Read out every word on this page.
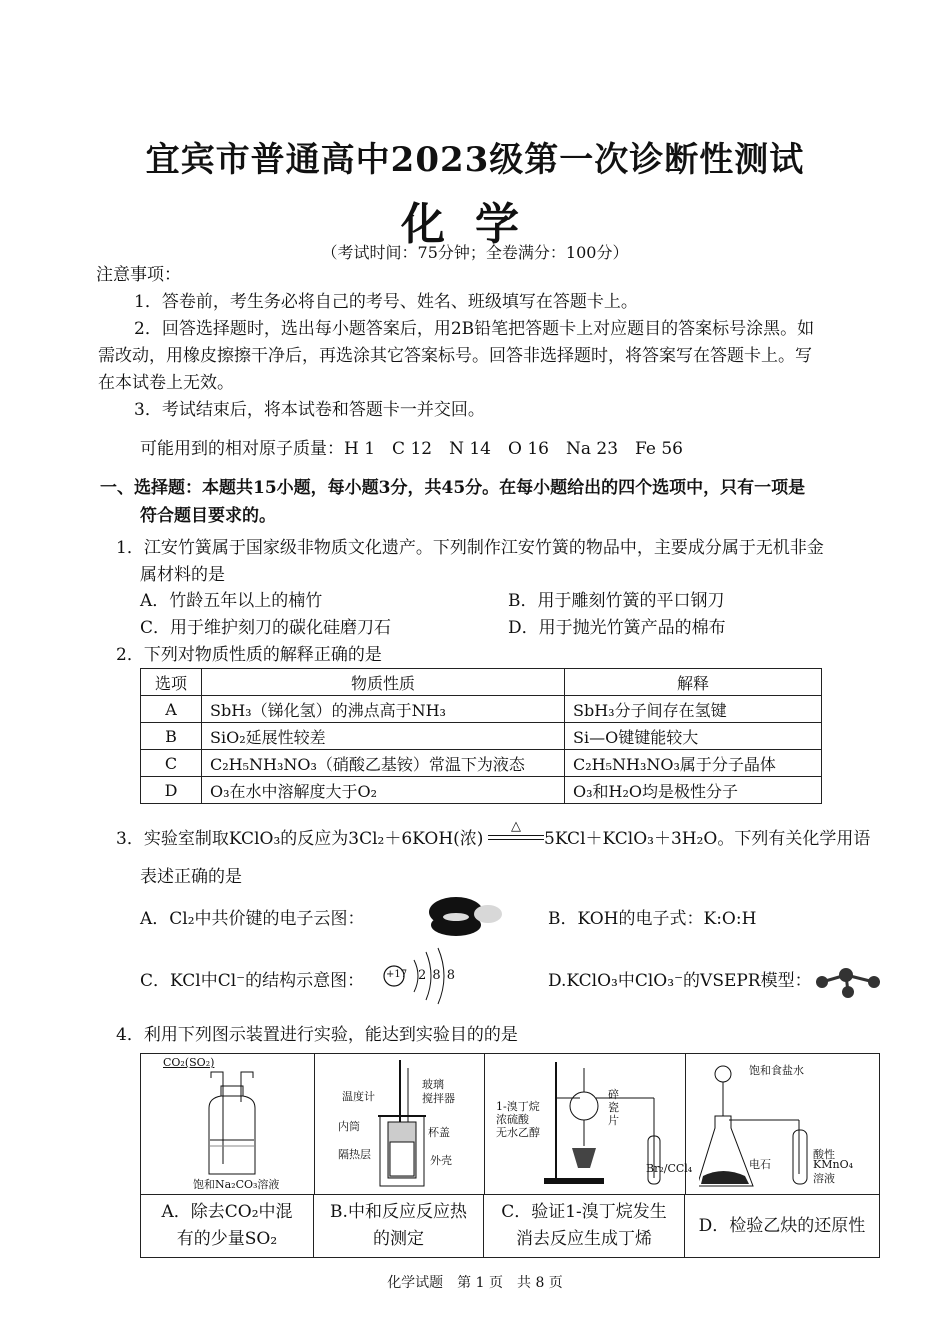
宜宾市普通高中2023级第一次诊断性测试
化学
（考试时间：75分钟；全卷满分：100分）
注意事项：
1．答卷前，考生务必将自己的考号、姓名、班级填写在答题卡上。
2．回答选择题时，选出每小题答案后，用2B铅笔把答题卡上对应题目的答案标号涂黑。如
需改动，用橡皮擦擦干净后，再选涂其它答案标号。回答非选择题时，将答案写在答题卡上。写
在本试卷上无效。
3．考试结束后，将本试卷和答题卡一并交回。
可能用到的相对原子质量：H 1　C 12　N 14　O 16　Na 23　Fe 56
一、选择题：本题共15小题，每小题3分，共45分。在每小题给出的四个选项中，只有一项是
符合题目要求的。
1．江安竹簧属于国家级非物质文化遗产。下列制作江安竹簧的物品中，主要成分属于无机非金
属材料的是
A．竹龄五年以上的楠竹	B．用于雕刻竹簧的平口钢刀
C．用于维护刻刀的碳化硅磨刀石	D．用于抛光竹簧产品的棉布
2．下列对物质性质的解释正确的是
选项	物质性质	解释
A	SbH₃（锑化氢）的沸点高于NH₃	SbH₃分子间存在氢键
B	SiO₂延展性较差	Si—O键键能较大
C	C₂H₅NH₃NO₃（硝酸乙基铵）常温下为液态	C₂H₅NH₃NO₃属于分子晶体
D	O₃在水中溶解度大于O₂	O₃和H₂O均是极性分子
3．实验室制取KClO₃的反应为3Cl₂＋6KOH(浓)
△
5KCl＋KClO₃＋3H₂O。下列有关化学用语
表述正确的是
A．Cl₂中共价键的电子云图：	B．KOH的电子式：K:O:H
C．KCl中Cl⁻的结构示意图： +17 2 8 8	D.KClO₃中ClO₃⁻的VSEPR模型：
4．利用下列图示装置进行实验，能达到实验目的的是
CO₂(SO₂)
饱和Na₂CO₃溶液
温度计
玻璃
搅拌器
内筒	杯盖
隔热层	外壳
1-溴丁烷
浓硫酸
无水乙醇
碎瓷片
Br₂/CCl₄
饱和食盐水
电石
酸性
KMnO₄
溶液
A．除去CO₂中混
有的少量SO₂
B.中和反应反应热
的测定
C．验证1-溴丁烷发生
消去反应生成丁烯
D．检验乙炔的还原性
化学试题　第 1 页　共 8 页
